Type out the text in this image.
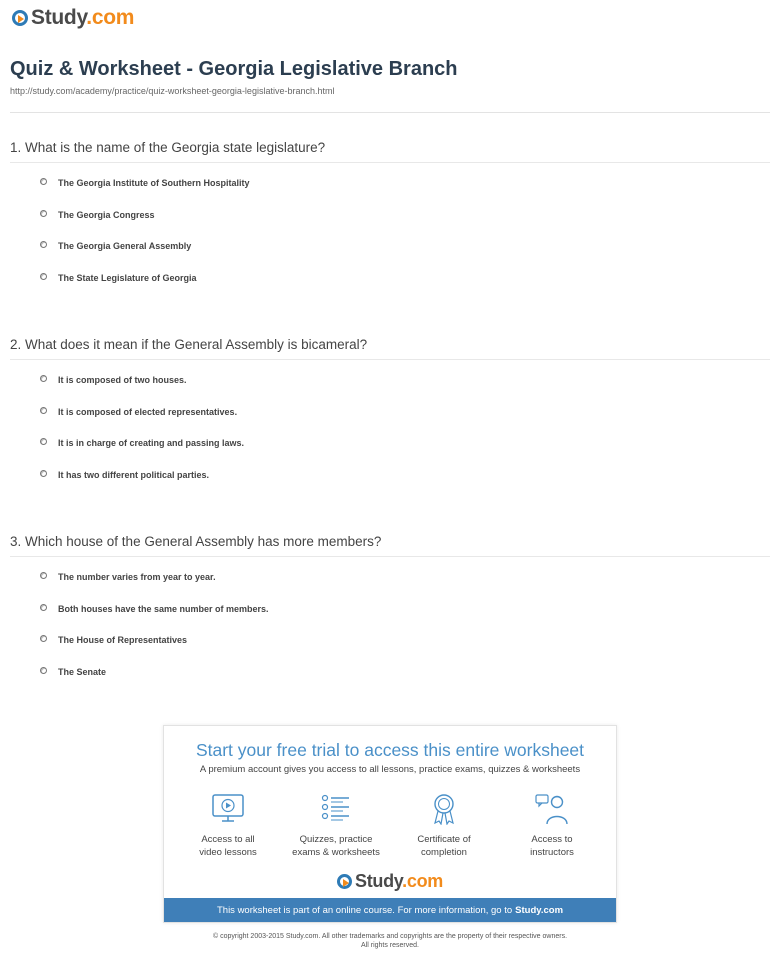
Study.com
Quiz & Worksheet - Georgia Legislative Branch
http://study.com/academy/practice/quiz-worksheet-georgia-legislative-branch.html
1. What is the name of the Georgia state legislature?
The Georgia Institute of Southern Hospitality
The Georgia Congress
The Georgia General Assembly
The State Legislature of Georgia
2. What does it mean if the General Assembly is bicameral?
It is composed of two houses.
It is composed of elected representatives.
It is in charge of creating and passing laws.
It has two different political parties.
3. Which house of the General Assembly has more members?
The number varies from year to year.
Both houses have the same number of members.
The House of Representatives
The Senate
Start your free trial to access this entire worksheet
A premium account gives you access to all lessons, practice exams, quizzes & worksheets
Access to all
video lessons
Quizzes, practice
exams & worksheets
Certificate of
completion
Access to
instructors
Study.com
This worksheet is part of an online course. For more information, go to Study.com
© copyright 2003-2015 Study.com. All other trademarks and copyrights are the property of their respective owners.
All rights reserved.
